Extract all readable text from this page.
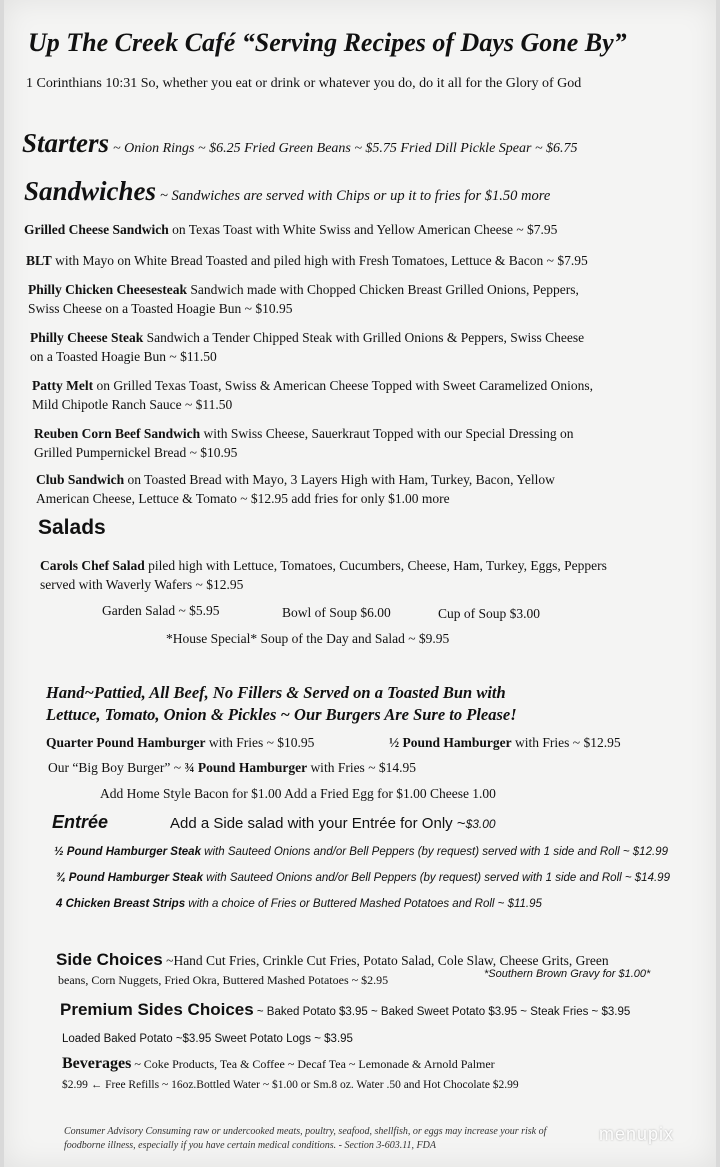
Up The Creek Café “Serving Recipes of Days Gone By”
1 Corinthians 10:31 So, whether you eat or drink or whatever you do, do it all for the Glory of God
Starters ~ Onion Rings ~ $6.25 Fried Green Beans ~ $5.75 Fried Dill Pickle Spear ~ $6.75
Sandwiches ~ Sandwiches are served with Chips or up it to fries for $1.50 more
Grilled Cheese Sandwich on Texas Toast with White Swiss and Yellow American Cheese ~ $7.95
BLT with Mayo on White Bread Toasted and piled high with Fresh Tomatoes, Lettuce & Bacon ~ $7.95
Philly Chicken Cheesesteak Sandwich made with Chopped Chicken Breast Grilled Onions, Peppers,
Swiss Cheese on a Toasted Hoagie Bun ~ $10.95
Philly Cheese Steak Sandwich a Tender Chipped Steak with Grilled Onions & Peppers, Swiss Cheese
on a Toasted Hoagie Bun ~ $11.50
Patty Melt on Grilled Texas Toast, Swiss & American Cheese Topped with Sweet Caramelized Onions,
Mild Chipotle Ranch Sauce ~ $11.50
Reuben Corn Beef Sandwich with Swiss Cheese, Sauerkraut Topped with our Special Dressing on
Grilled Pumpernickel Bread ~ $10.95
Club Sandwich on Toasted Bread with Mayo, 3 Layers High with Ham, Turkey, Bacon, Yellow
American Cheese, Lettuce & Tomato ~ $12.95 add fries for only $1.00 more
Salads
Carols Chef Salad piled high with Lettuce, Tomatoes, Cucumbers, Cheese, Ham, Turkey, Eggs, Peppers
served with Waverly Wafers ~ $12.95
Garden Salad ~ $5.95	Bowl of Soup $6.00	Cup of Soup $3.00
*House Special* Soup of the Day and Salad ~ $9.95
Hand~Pattied, All Beef, No Fillers & Served on a Toasted Bun with
Lettuce, Tomato, Onion & Pickles ~ Our Burgers Are Sure to Please!
Quarter Pound Hamburger with Fries ~ $10.95	½ Pound Hamburger with Fries ~ $12.95
Our “Big Boy Burger” ~ ¾ Pound Hamburger with Fries ~ $14.95
Add Home Style Bacon for $1.00 Add a Fried Egg for $1.00 Cheese 1.00
Entrée	Add a Side salad with your Entrée for Only ~$3.00
½ Pound Hamburger Steak with Sauteed Onions and/or Bell Peppers (by request) served with 1 side and Roll ~ $12.99
¾ Pound Hamburger Steak with Sauteed Onions and/or Bell Peppers (by request) served with 1 side and Roll ~ $14.99
4 Chicken Breast Strips with a choice of Fries or Buttered Mashed Potatoes and Roll ~ $11.95
Side Choices ~Hand Cut Fries, Crinkle Cut Fries, Potato Salad, Cole Slaw, Cheese Grits, Green
beans, Corn Nuggets, Fried Okra, Buttered Mashed Potatoes ~ $2.95	*Southern Brown Gravy for $1.00*
Premium Sides Choices ~ Baked Potato $3.95 ~ Baked Sweet Potato $3.95 ~ Steak Fries ~ $3.95
Loaded Baked Potato ~$3.95 Sweet Potato Logs ~ $3.95
Beverages ~ Coke Products, Tea & Coffee ~ Decaf Tea ~ Lemonade & Arnold Palmer
$2.99 ← Free Refills ~ 16oz.Bottled Water ~ $1.00 or Sm.8 oz. Water .50 and Hot Chocolate $2.99
Consumer Advisory Consuming raw or undercooked meats, poultry, seafood, shellfish, or eggs may increase your risk of
foodborne illness, especially if you have certain medical conditions. - Section 3-603.11, FDA
menupix
